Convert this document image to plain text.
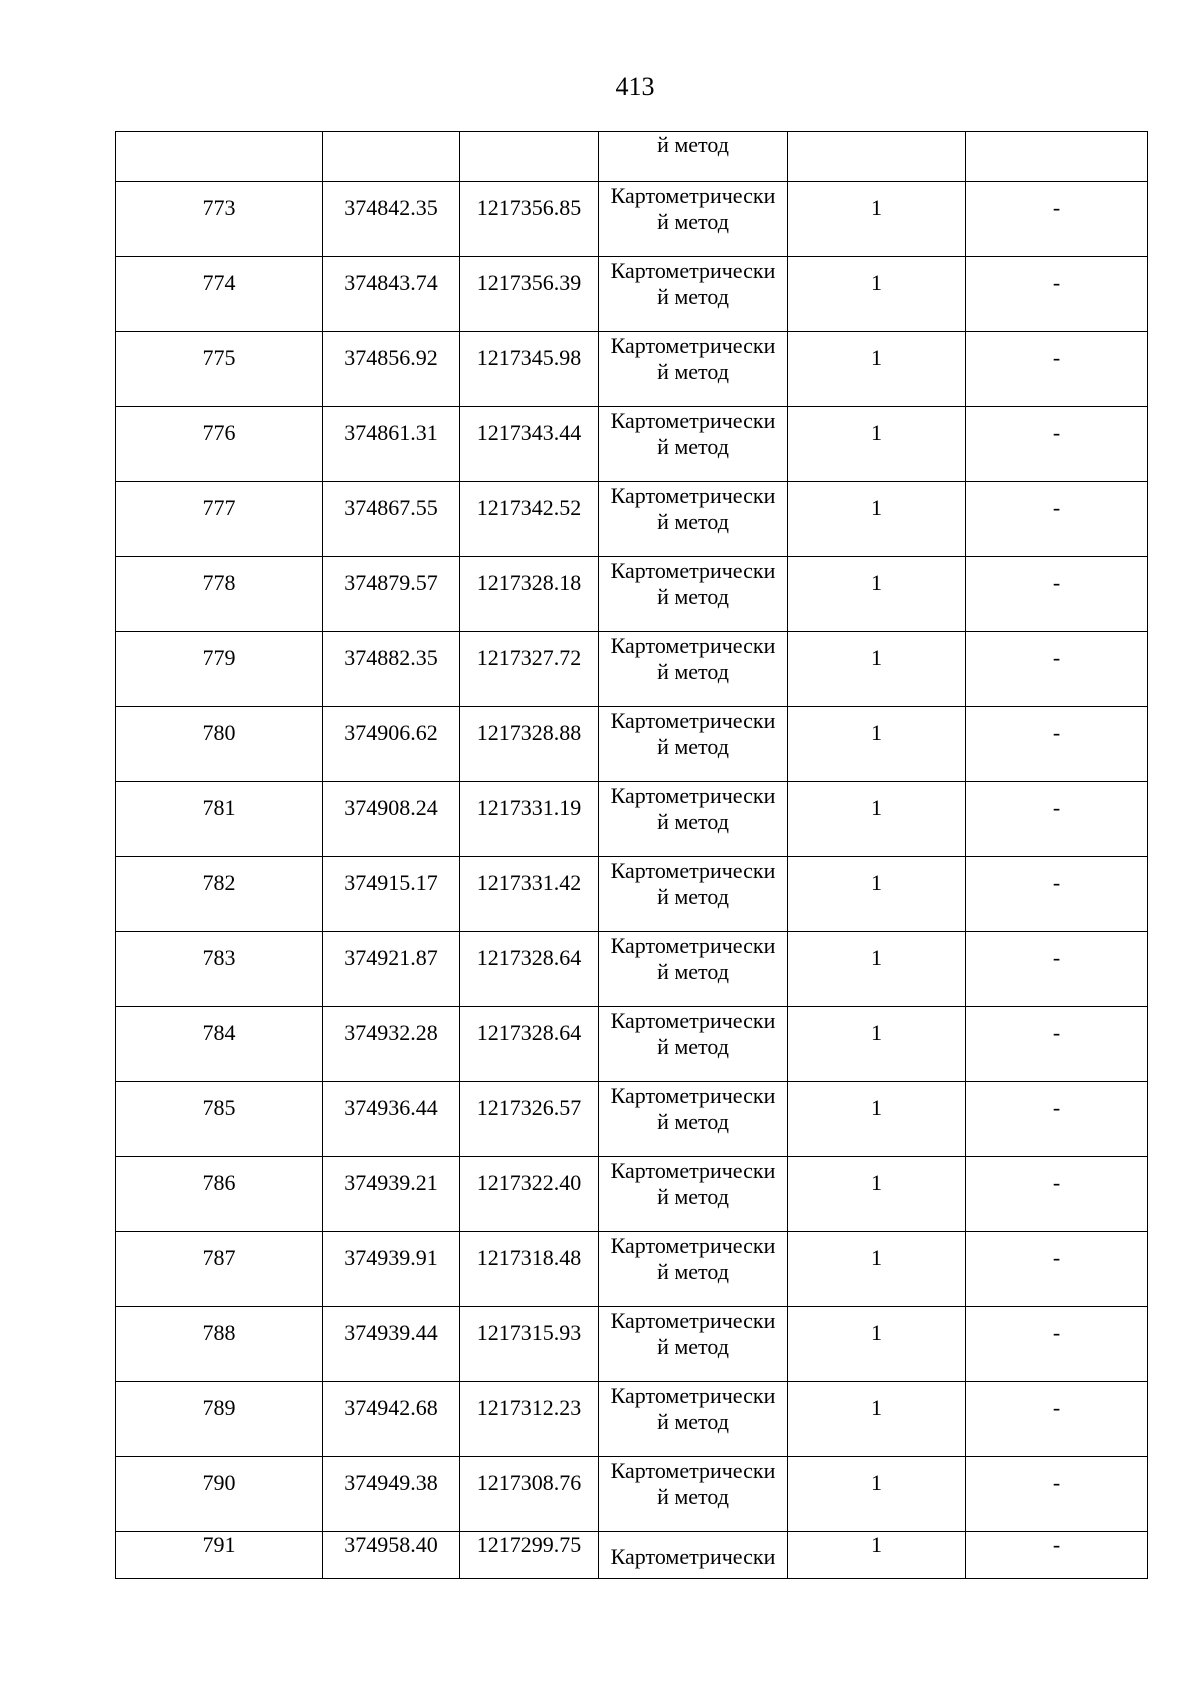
413

			й метод		

773	374842.35	1217356.85	Картометрически
й метод	1	-

774	374843.74	1217356.39	Картометрически
й метод	1	-

775	374856.92	1217345.98	Картометрически
й метод	1	-

776	374861.31	1217343.44	Картометрически
й метод	1	-

777	374867.55	1217342.52	Картометрически
й метод	1	-

778	374879.57	1217328.18	Картометрически
й метод	1	-

779	374882.35	1217327.72	Картометрически
й метод	1	-

780	374906.62	1217328.88	Картометрически
й метод	1	-

781	374908.24	1217331.19	Картометрически
й метод	1	-

782	374915.17	1217331.42	Картометрически
й метод	1	-

783	374921.87	1217328.64	Картометрически
й метод	1	-

784	374932.28	1217328.64	Картометрически
й метод	1	-

785	374936.44	1217326.57	Картометрически
й метод	1	-

786	374939.21	1217322.40	Картометрически
й метод	1	-

787	374939.91	1217318.48	Картометрически
й метод	1	-

788	374939.44	1217315.93	Картометрически
й метод	1	-

789	374942.68	1217312.23	Картометрически
й метод	1	-

790	374949.38	1217308.76	Картометрически
й метод	1	-

791	374958.40	1217299.75	Картометрически	1	-
